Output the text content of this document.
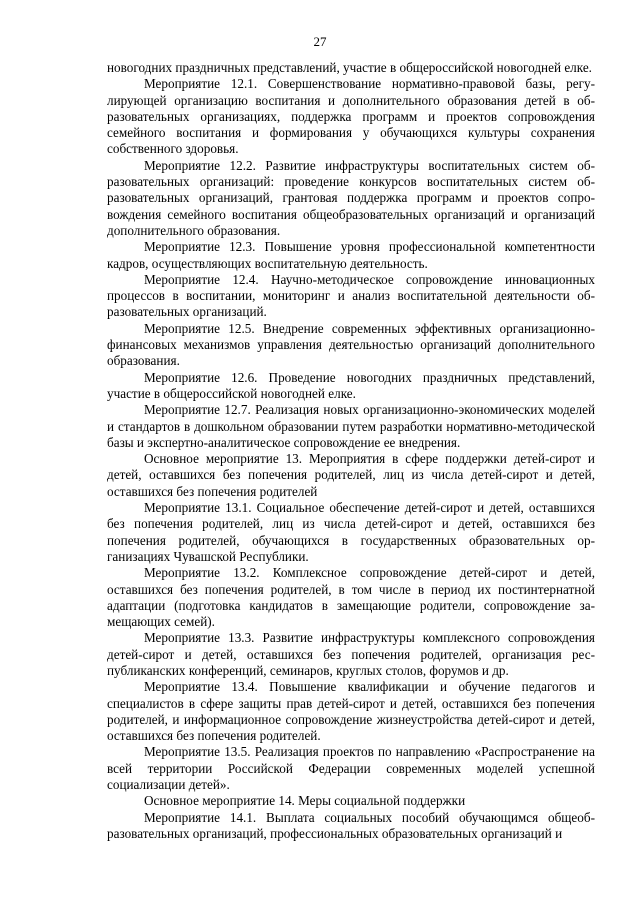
27

новогодних праздничных представлений, участие в общероссийской новогодней елке.

Мероприятие 12.1. Совершенствование нормативно-правовой базы, регулирующей организацию воспитания и дополнительного образования детей в образовательных организациях, поддержка программ и проектов сопровождения семейного воспитания и формирования у обучающихся культуры сохранения собственного здоровья.

Мероприятие 12.2. Развитие инфраструктуры воспитательных систем образовательных организаций: проведение конкурсов воспитательных систем образовательных организаций, грантовая поддержка программ и проектов сопровождения семейного воспитания общеобразовательных организаций и организаций дополнительного образования.

Мероприятие 12.3. Повышение уровня профессиональной компетентности кадров, осуществляющих воспитательную деятельность.

Мероприятие 12.4. Научно-методическое сопровождение инновационных процессов в воспитании, мониторинг и анализ воспитательной деятельности образовательных организаций.

Мероприятие 12.5. Внедрение современных эффективных организационно-финансовых механизмов управления деятельностью организаций дополнительного образования.

Мероприятие 12.6. Проведение новогодних праздничных представлений, участие в общероссийской новогодней елке.

Мероприятие 12.7. Реализация новых организационно-экономических моделей и стандартов в дошкольном образовании путем разработки нормативно-методической базы и экспертно-аналитическое сопровождение ее внедрения.

Основное мероприятие 13. Мероприятия в сфере поддержки детей-сирот и детей, оставшихся без попечения родителей, лиц из числа детей-сирот и детей, оставшихся без попечения родителей

Мероприятие 13.1. Социальное обеспечение детей-сирот и детей, оставшихся без попечения родителей, лиц из числа детей-сирот и детей, оставшихся без попечения родителей, обучающихся в государственных образовательных организациях Чувашской Республики.

Мероприятие 13.2. Комплексное сопровождение детей-сирот и детей, оставшихся без попечения родителей, в том числе в период их постинтернатной адаптации (подготовка кандидатов в замещающие родители, сопровождение замещающих семей).

Мероприятие 13.3. Развитие инфраструктуры комплексного сопровождения детей-сирот и детей, оставшихся без попечения родителей, организация республиканских конференций, семинаров, круглых столов, форумов и др.

Мероприятие 13.4. Повышение квалификации и обучение педагогов и специалистов в сфере защиты прав детей-сирот и детей, оставшихся без попечения родителей, и информационное сопровождение жизнеустройства детей-сирот и детей, оставшихся без попечения родителей.

Мероприятие 13.5. Реализация проектов по направлению «Распространение на всей территории Российской Федерации современных моделей успешной социализации детей».

Основное мероприятие 14. Меры социальной поддержки

Мероприятие 14.1. Выплата социальных пособий обучающимся общеобразовательных организаций, профессиональных образовательных организаций и
